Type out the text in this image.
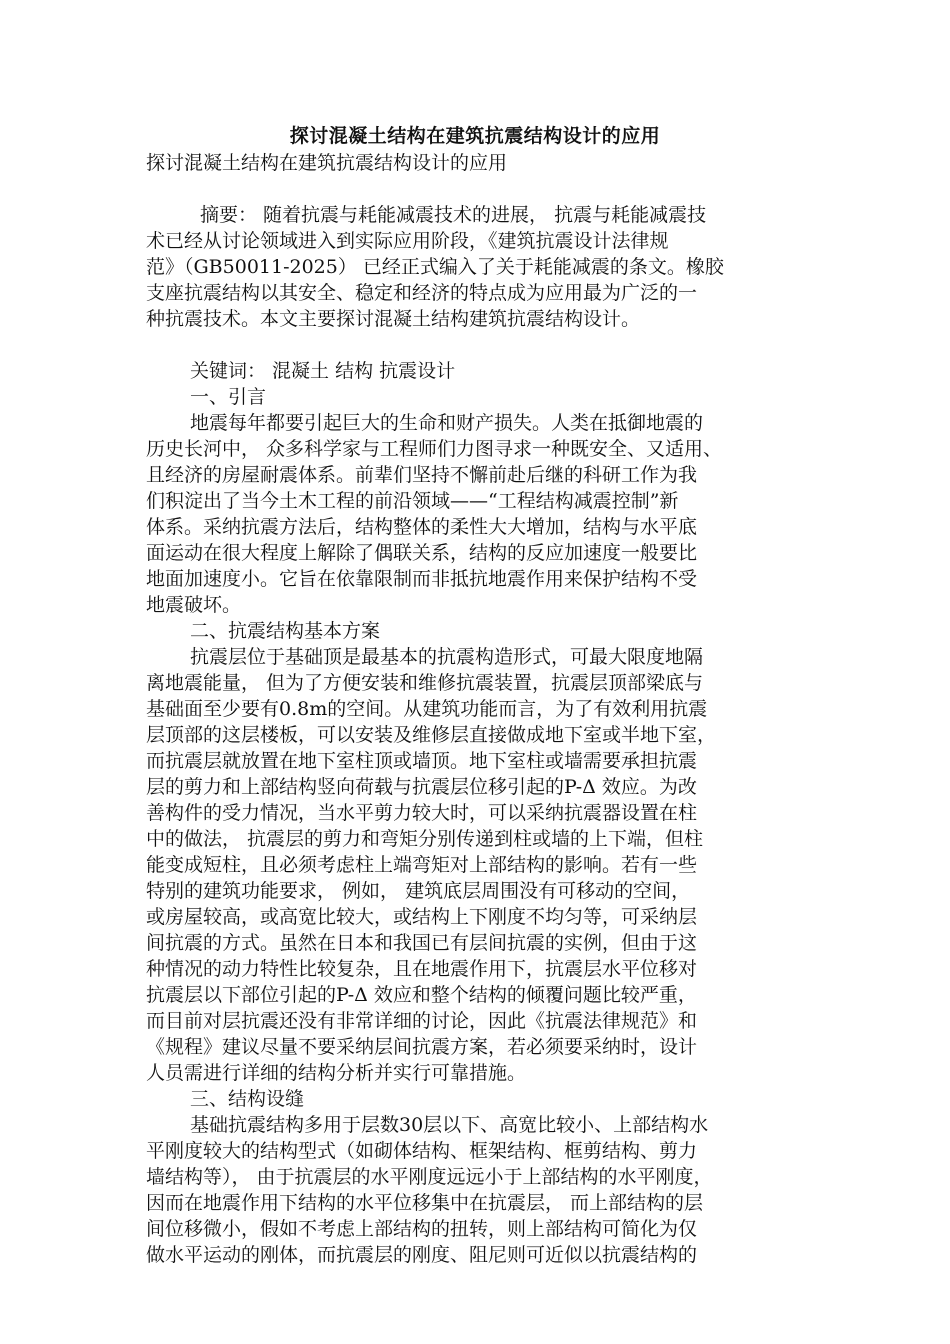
探讨混凝土结构在建筑抗震结构设计的应用
探讨混凝土结构在建筑抗震结构设计的应用
摘要： 随着抗震与耗能减震技术的进展， 抗震与耗能减震技
术已经从讨论领域进入到实际应用阶段，《建筑抗震设计法律规
范》（GB50011-2025） 已经正式编入了关于耗能减震的条文。橡胶
支座抗震结构以其安全、稳定和经济的特点成为应用最为广泛的一
种抗震技术。本文主要探讨混凝土结构建筑抗震结构设计。
关键词： 混凝土 结构 抗震设计
一、引言
地震每年都要引起巨大的生命和财产损失。人类在抵御地震的
历史长河中， 众多科学家与工程师们力图寻求一种既安全、又适用、
且经济的房屋耐震体系。前辈们坚持不懈前赴后继的科研工作为我
们积淀出了当今土木工程的前沿领域——“工程结构减震控制”新
体系。采纳抗震方法后，结构整体的柔性大大增加，结构与水平底
面运动在很大程度上解除了偶联关系，结构的反应加速度一般要比
地面加速度小。它旨在依靠限制而非抵抗地震作用来保护结构不受
地震破坏。
二、抗震结构基本方案
抗震层位于基础顶是最基本的抗震构造形式，可最大限度地隔
离地震能量， 但为了方便安装和维修抗震装置，抗震层顶部梁底与
基础面至少要有0.8m的空间。从建筑功能而言，为了有效利用抗震
层顶部的这层楼板，可以安装及维修层直接做成地下室或半地下室，
而抗震层就放置在地下室柱顶或墙顶。地下室柱或墙需要承担抗震
层的剪力和上部结构竖向荷载与抗震层位移引起的P-Δ 效应。为改
善构件的受力情况，当水平剪力较大时，可以采纳抗震器设置在柱
中的做法， 抗震层的剪力和弯矩分别传递到柱或墙的上下端，但柱
能变成短柱，且必须考虑柱上端弯矩对上部结构的影响。若有一些
特别的建筑功能要求， 例如， 建筑底层周围没有可移动的空间，
或房屋较高，或高宽比较大，或结构上下刚度不均匀等，可采纳层
间抗震的方式。虽然在日本和我国已有层间抗震的实例，但由于这
种情况的动力特性比较复杂，且在地震作用下，抗震层水平位移对
抗震层以下部位引起的P-Δ 效应和整个结构的倾覆问题比较严重，
而目前对层抗震还没有非常详细的讨论，因此《抗震法律规范》和
《规程》建议尽量不要采纳层间抗震方案，若必须要采纳时，设计
人员需进行详细的结构分析并实行可靠措施。
三、结构设缝
基础抗震结构多用于层数30层以下、高宽比较小、上部结构水
平刚度较大的结构型式（如砌体结构、框架结构、框剪结构、剪力
墙结构等）， 由于抗震层的水平刚度远远小于上部结构的水平刚度，
因而在地震作用下结构的水平位移集中在抗震层， 而上部结构的层
间位移微小，假如不考虑上部结构的扭转，则上部结构可简化为仅
做水平运动的刚体，而抗震层的刚度、阻尼则可近似以抗震结构的
